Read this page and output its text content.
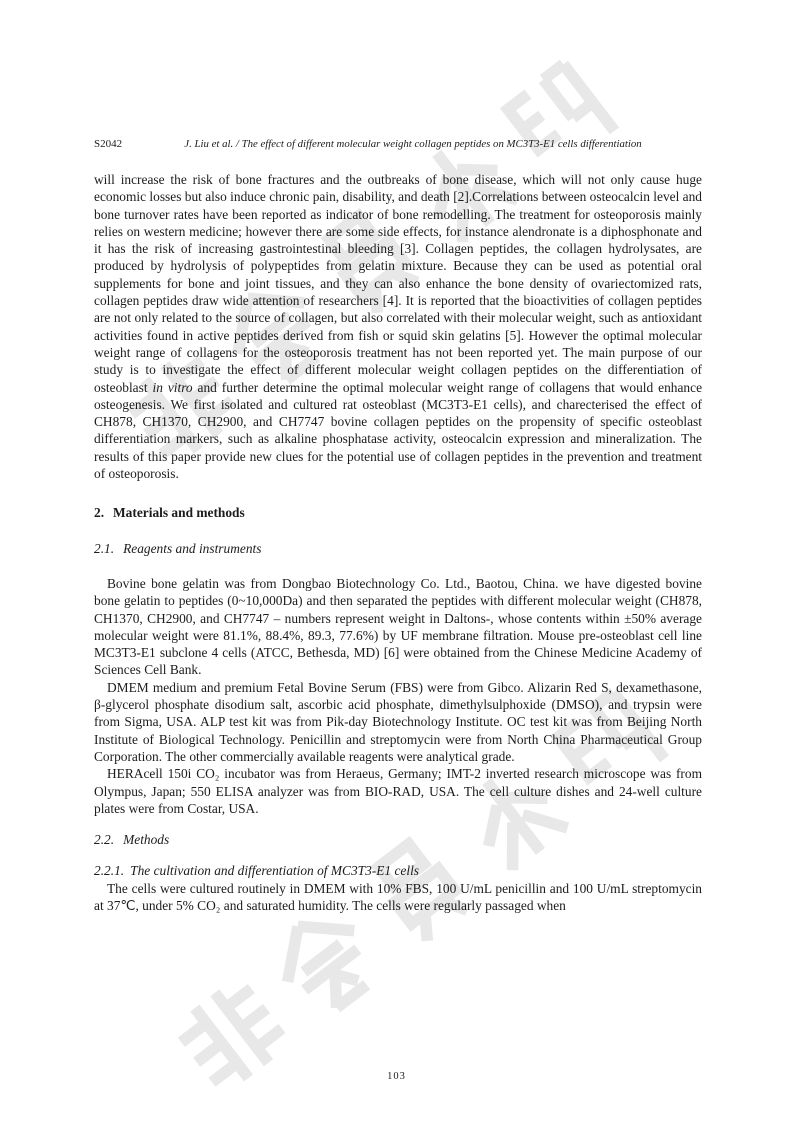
S2042	J. Liu et al. / The effect of different molecular weight collagen peptides on MC3T3-E1 cells differentiation

will increase the risk of bone fractures and the outbreaks of bone disease, which will not only cause huge economic losses but also induce chronic pain, disability, and death [2].Correlations between osteocalcin level and bone turnover rates have been reported as indicator of bone remodelling. The treatment for osteoporosis mainly relies on western medicine; however there are some side effects, for instance alendronate is a diphosphonate and it has the risk of increasing gastrointestinal bleeding [3]. Collagen peptides, the collagen hydrolysates, are produced by hydrolysis of polypeptides from gelatin mixture. Because they can be used as potential oral supplements for bone and joint tissues, and they can also enhance the bone density of ovariectomized rats, collagen peptides draw wide attention of researchers [4]. It is reported that the bioactivities of collagen peptides are not only related to the source of collagen, but also correlated with their molecular weight, such as antioxidant activities found in active peptides derived from fish or squid skin gelatins [5]. However the optimal molecular weight range of collagens for the osteoporosis treatment has not been reported yet. The main purpose of our study is to investigate the effect of different molecular weight collagen peptides on the differentiation of osteoblast in vitro and further determine the optimal molecular weight range of collagens that would enhance osteogenesis. We first isolated and cultured rat osteoblast (MC3T3-E1 cells), and charecterised the effect of CH878, CH1370, CH2900, and CH7747 bovine collagen peptides on the propensity of specific osteoblast differentiation markers, such as alkaline phosphatase activity, osteocalcin expression and mineralization. The results of this paper provide new clues for the potential use of collagen peptides in the prevention and treatment of osteoporosis.

2. Materials and methods

2.1. Reagents and instruments

Bovine bone gelatin was from Dongbao Biotechnology Co. Ltd., Baotou, China. we have digested bovine bone gelatin to peptides (0~10,000Da) and then separated the peptides with different molecular weight (CH878, CH1370, CH2900, and CH7747 – numbers represent weight in Daltons-, whose contents within ±50% average molecular weight were 81.1%, 88.4%, 89.3, 77.6%) by UF membrane filtration. Mouse pre-osteoblast cell line MC3T3-E1 subclone 4 cells (ATCC, Bethesda, MD) [6] were obtained from the Chinese Medicine Academy of Sciences Cell Bank.

DMEM medium and premium Fetal Bovine Serum (FBS) were from Gibco. Alizarin Red S, dexamethasone, β-glycerol phosphate disodium salt, ascorbic acid phosphate, dimethylsulphoxide (DMSO), and trypsin were from Sigma, USA. ALP test kit was from Pik-day Biotechnology Institute. OC test kit was from Beijing North Institute of Biological Technology. Penicillin and streptomycin were from North China Pharmaceutical Group Corporation. The other commercially available reagents were analytical grade.

HERAcell 150i CO₂ incubator was from Heraeus, Germany; IMT-2 inverted research microscope was from Olympus, Japan; 550 ELISA analyzer was from BIO-RAD, USA. The cell culture dishes and 24-well culture plates were from Costar, USA.

2.2. Methods

2.2.1. The cultivation and differentiation of MC3T3-E1 cells

The cells were cultured routinely in DMEM with 10% FBS, 100 U/mL penicillin and 100 U/mL streptomycin at 37℃, under 5% CO₂ and saturated humidity. The cells were regularly passaged when

103
